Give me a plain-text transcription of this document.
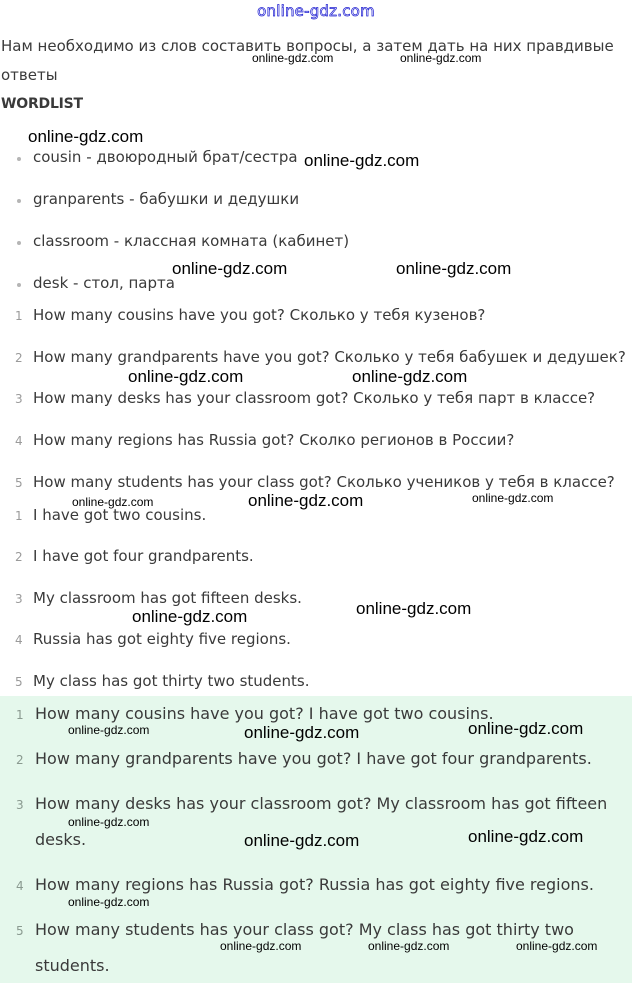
online-gdz.com
Нам необходимо из слов составить вопросы, а затем дать на них правдивые ответы
WORDLIST
cousin - двоюродный брат/сестра
granparents - бабушки и дедушки
classroom - классная комната (кабинет)
desk - стол, парта
1 How many cousins have you got? Сколько у тебя кузенов?
2 How many grandparents have you got? Сколько у тебя бабушек и дедушек?
3 How many desks has your classroom got? Сколько у тебя парт в классе?
4 How many regions has Russia got? Сколко регионов в России?
5 How many students has your class got? Сколько учеников у тебя в классе?
1 I have got two cousins.
2 I have got four grandparents.
3 My classroom has got fifteen desks.
4 Russia has got eighty five regions.
5 My class has got thirty two students.
1 How many cousins have you got? I have got two cousins.
2 How many grandparents have you got? I have got four grandparents.
3 How many desks has your classroom got? My classroom has got fifteen desks.
4 How many regions has Russia got? Russia has got eighty five regions.
5 How many students has your class got? My class has got thirty two students.
online-gdz.com	online-gdz.com
online-gdz.com
online-gdz.com
online-gdz.com	online-gdz.com
online-gdz.com	online-gdz.com
online-gdz.com	online-gdz.com	online-gdz.com
online-gdz.com	online-gdz.com
online-gdz.com	online-gdz.com	online-gdz.com
online-gdz.com
online-gdz.com	online-gdz.com
online-gdz.com
online-gdz.com	online-gdz.com	online-gdz.com
